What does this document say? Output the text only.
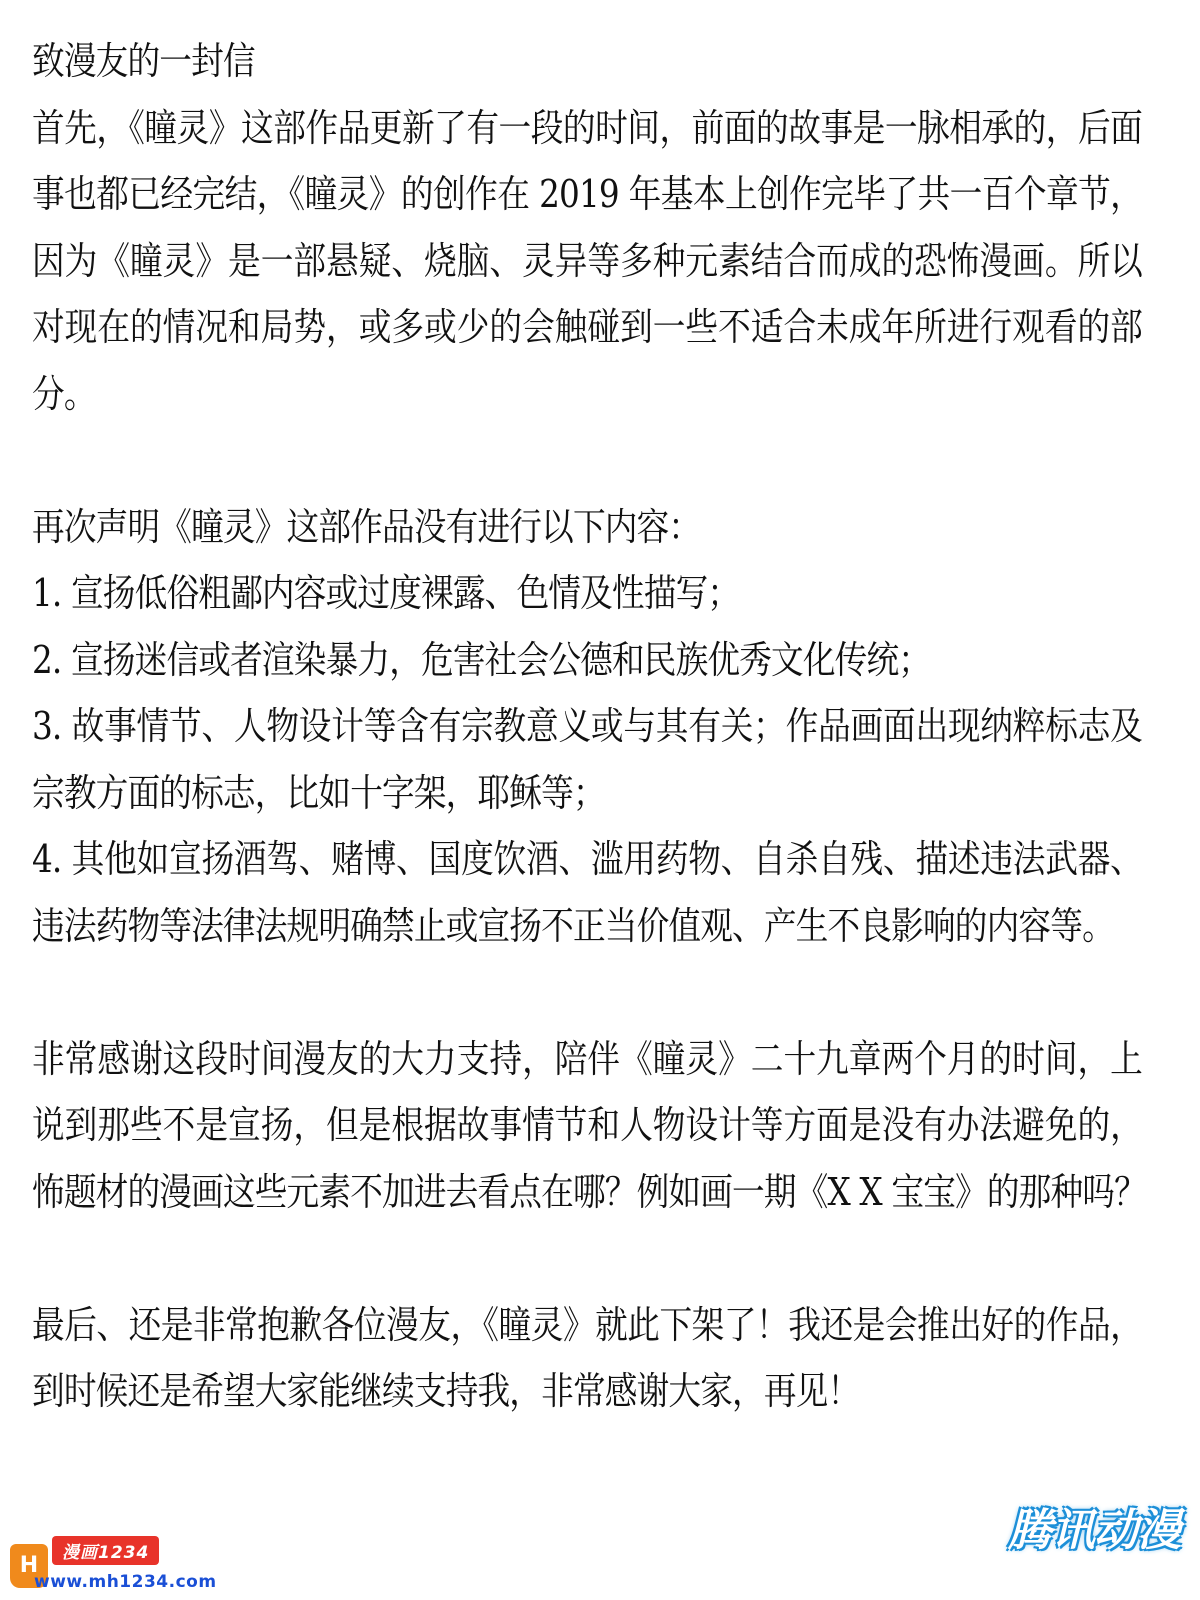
致漫友的一封信
首先，《瞳灵》这部作品更新了有一段的时间，前面的故事是一脉相承的，后面
事也都已经完结，《瞳灵》的创作在 2019 年基本上创作完毕了共一百个章节，
因为《瞳灵》是一部悬疑、烧脑、灵异等多种元素结合而成的恐怖漫画。所以
对现在的情况和局势，或多或少的会触碰到一些不适合未成年所进行观看的部
分。
再次声明《瞳灵》这部作品没有进行以下内容：
1. 宣扬低俗粗鄙内容或过度裸露、色情及性描写；
2. 宣扬迷信或者渲染暴力，危害社会公德和民族优秀文化传统；
3. 故事情节、人物设计等含有宗教意义或与其有关；作品画面出现纳粹标志及
宗教方面的标志，比如十字架，耶稣等；
4. 其他如宣扬酒驾、赌博、国度饮酒、滥用药物、自杀自残、描述违法武器、
违法药物等法律法规明确禁止或宣扬不正当价值观、产生不良影响的内容等。
非常感谢这段时间漫友的大力支持，陪伴《瞳灵》二十九章两个月的时间，上
说到那些不是宣扬，但是根据故事情节和人物设计等方面是没有办法避免的，
怖题材的漫画这些元素不加进去看点在哪？例如画一期《X X 宝宝》的那种吗？
最后、还是非常抱歉各位漫友，《瞳灵》就此下架了！我还是会推出好的作品，
到时候还是希望大家能继续支持我，非常感谢大家，再见！
H	漫画1234
www.mh1234.com
腾讯动漫
